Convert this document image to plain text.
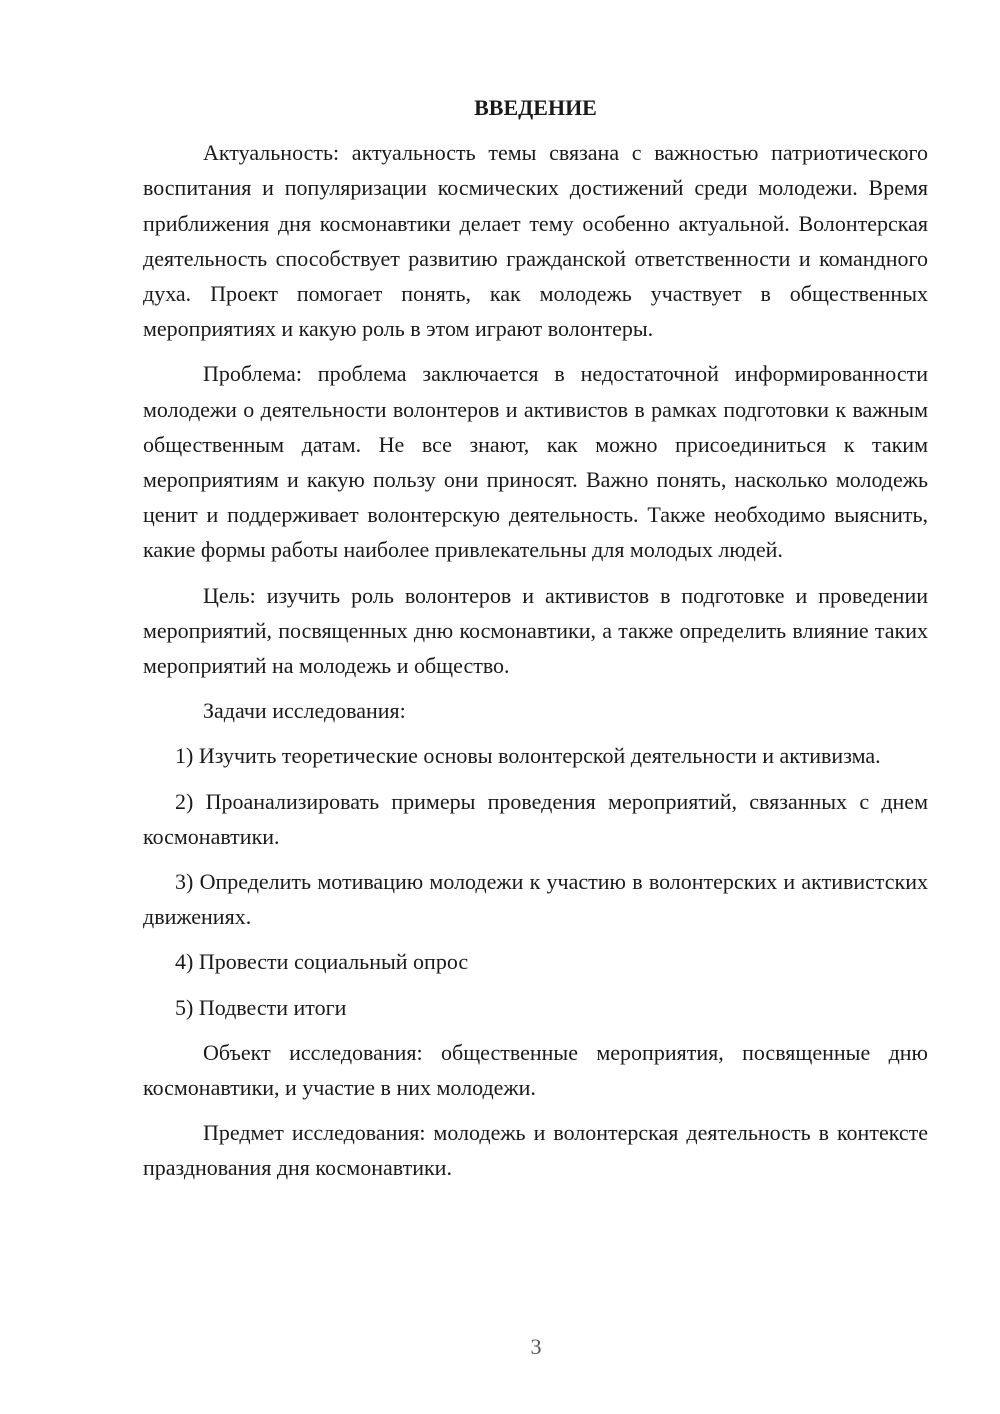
ВВЕДЕНИЕ

Актуальность: актуальность темы связана с важностью патриотического воспитания и популяризации космических достижений среди молодежи. Время приближения дня космонавтики делает тему особенно актуальной. Волонтерская деятельность способствует развитию гражданской ответственности и командного духа. Проект помогает понять, как молодежь участвует в общественных мероприятиях и какую роль в этом играют волонтеры.

Проблема: проблема заключается в недостаточной информированности молодежи о деятельности волонтеров и активистов в рамках подготовки к важным общественным датам. Не все знают, как можно присоединиться к таким мероприятиям и какую пользу они приносят. Важно понять, насколько молодежь ценит и поддерживает волонтерскую деятельность. Также необходимо выяснить, какие формы работы наиболее привлекательны для молодых людей.

Цель: изучить роль волонтеров и активистов в подготовке и проведении мероприятий, посвященных дню космонавтики, а также определить влияние таких мероприятий на молодежь и общество.

Задачи исследования:

1) Изучить теоретические основы волонтерской деятельности и активизма.

2) Проанализировать примеры проведения мероприятий, связанных с днем космонавтики.

3) Определить мотивацию молодежи к участию в волонтерских и активистских движениях.

4) Провести социальный опрос

5) Подвести итоги

Объект исследования: общественные мероприятия, посвященные дню космонавтики, и участие в них молодежи.

Предмет исследования: молодежь и волонтерская деятельность в контексте празднования дня космонавтики.

3
